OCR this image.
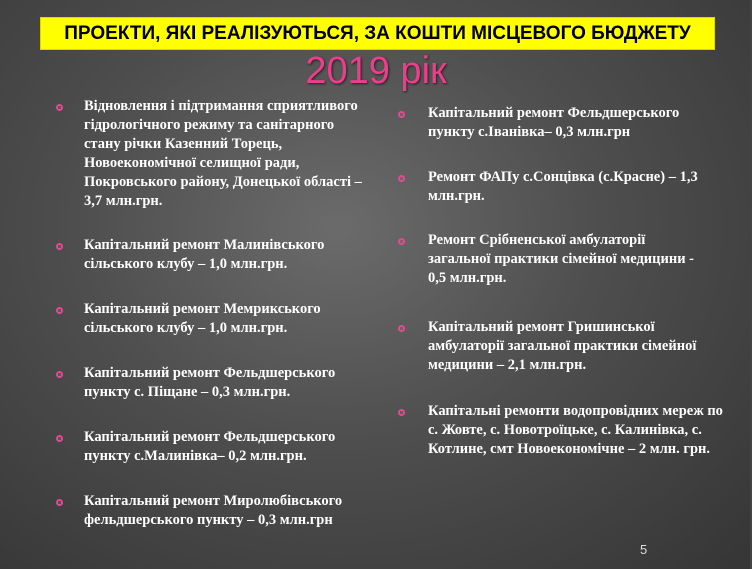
ПРОЕКТИ, ЯКІ РЕАЛІЗУЮТЬСЯ, ЗА КОШТИ МІСЦЕВОГО БЮДЖЕТУ
2019 рік
Відновлення і підтримання сприятливого гідрологічного режиму та санітарного стану річки Казенний Торець, Новоекономічної селищної ради, Покровського району, Донецької області – 3,7 млн.грн.
Капітальний ремонт Малинівського сільського клубу – 1,0 млн.грн.
Капітальний ремонт Мемрикського сільського клубу – 1,0 млн.грн.
Капітальний ремонт Фельдшерського пункту с. Піщане – 0,3 млн.грн.
Капітальний ремонт Фельдшерського пункту с.Малинівка– 0,2 млн.грн.
Капітальний ремонт Миролюбівського фельдшерського пункту – 0,3 млн.грн
Капітальний ремонт Фельдшерського пункту с.Іванівка– 0,3 млн.грн
Ремонт ФАПу с.Сонцівка (с.Красне) – 1,3 млн.грн.
Ремонт Срібненської амбулаторії загальної практики сімейної медицини - 0,5 млн.грн.
Капітальний ремонт Гришинської амбулаторії загальної практики сімейної медицини – 2,1 млн.грн.
Капітальні ремонти водопровідних мереж по с. Жовте, с. Новотроїцьке, с. Калинівка, с. Котлине, смт Новоекономічне – 2 млн. грн.
5
